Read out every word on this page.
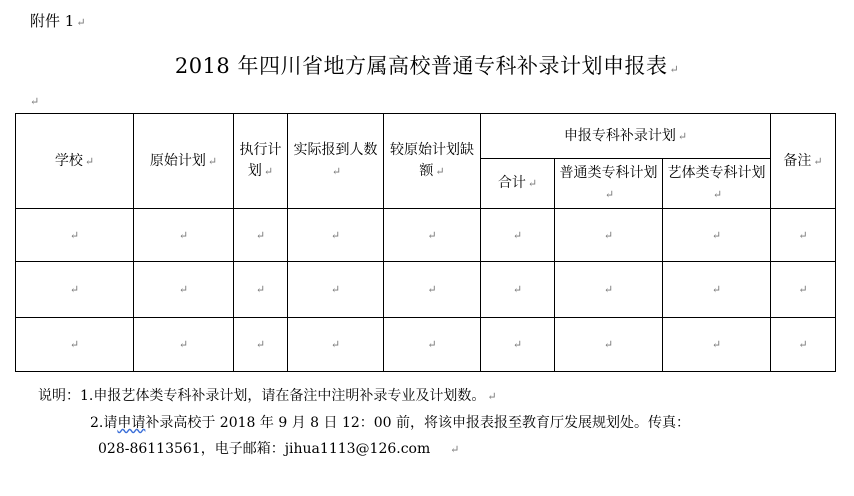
附件 1 ↵
2018 年四川省地方属高校普通专科补录计划申报表 ↵
↵
学校 ↵	原始计划 ↵	执行计划 ↵	实际报到人数↵	较原始计划缺额 ↵	申报专科补录计划 ↵			备注 ↵
					合计 ↵	普通类专科计划↵	艺体类专科计划↵	
↵	↵	↵	↵	↵	↵	↵	↵	↵
↵	↵	↵	↵	↵	↵	↵	↵	↵
↵	↵	↵	↵	↵	↵	↵	↵	↵
说明：1.申报艺体类专科补录计划，请在备注中注明补录专业及计划数。 ↵
2.请申请补录高校于 2018 年 9 月 8 日 12：00 前，将该申报表报至教育厅发展规划处。传真：
028-86113561，电子邮箱：jihua1113@126.com ↵
